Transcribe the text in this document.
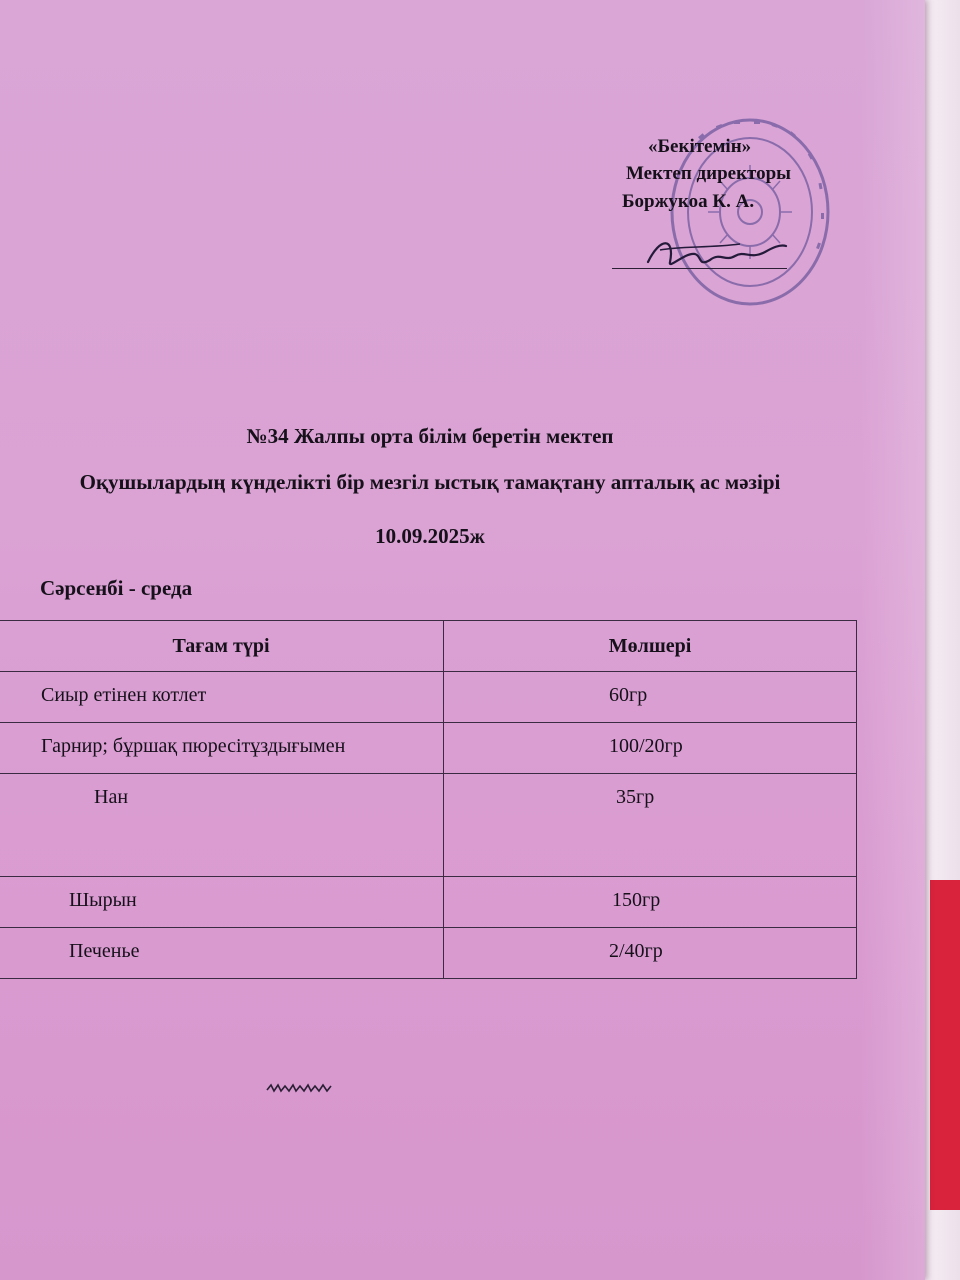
«Бекітемін»
Мектеп директоры
Боржукоа К. А.
№34 Жалпы орта білім беретін мектеп
Оқушылардың күнделікті бір мезгіл ыстық тамақтану апталық ас мәзірі
10.09.2025ж
Сәрсенбі - среда
Тағам түрі	Мөлшері

Сиыр етінен котлет	60гр

Гарнир; бұршақ пюресітұздығымен	100/20гр

Нан	35гр

Шырын	150гр

Печенье	2/40гр
